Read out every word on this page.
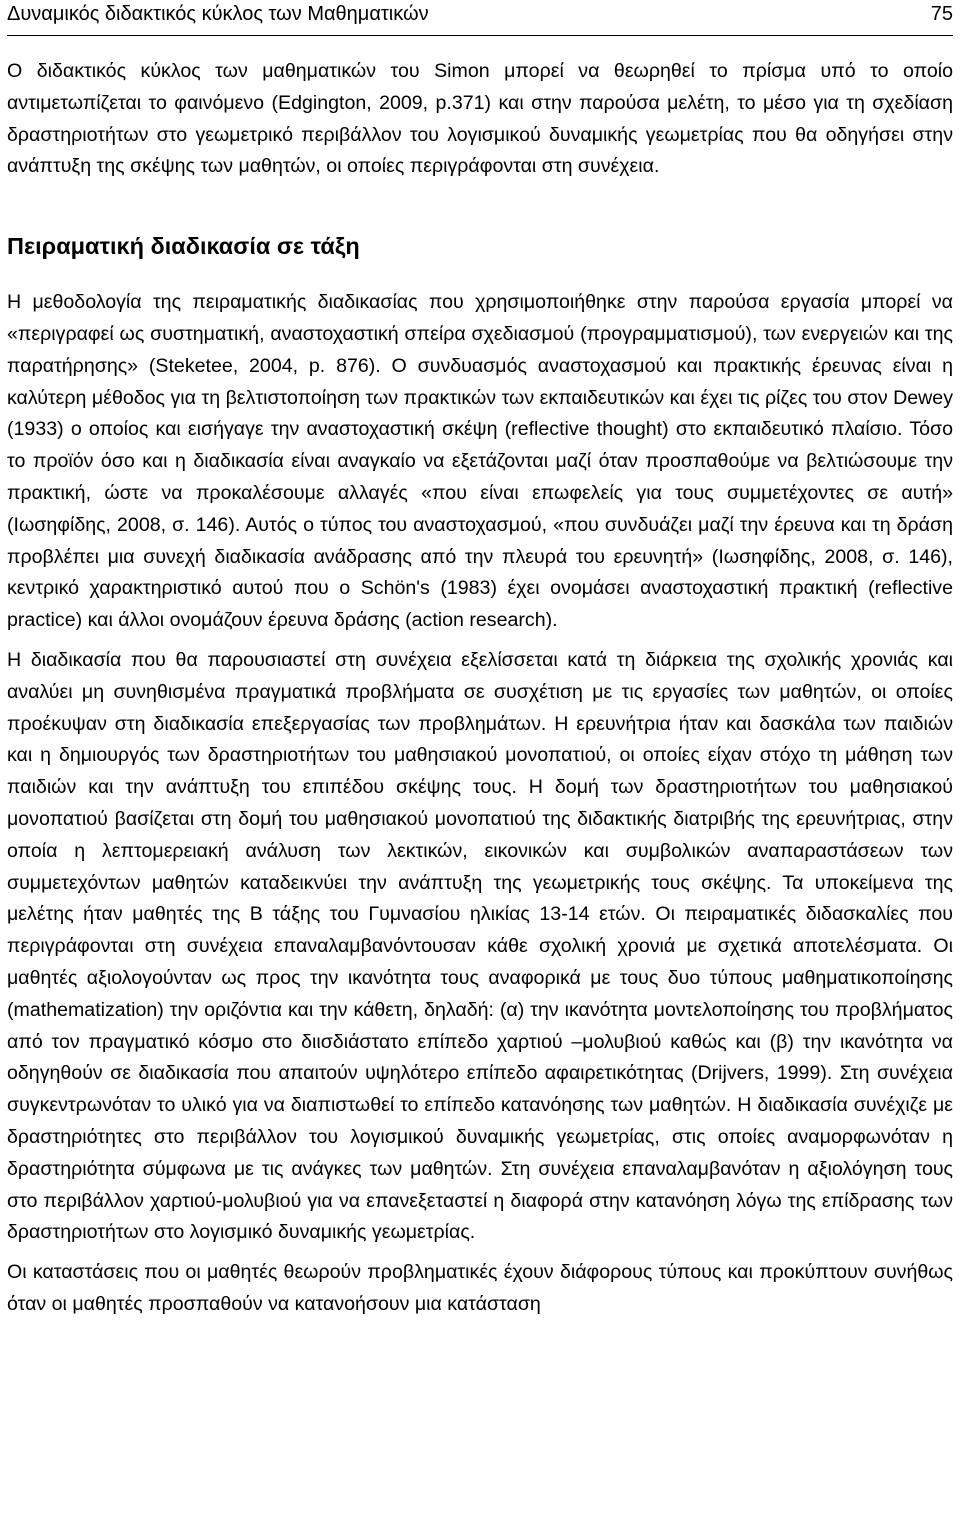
Δυναμικός διδακτικός κύκλος των Μαθηματικών	75

Ο διδακτικός κύκλος των μαθηματικών του Simon μπορεί να θεωρηθεί το πρίσμα υπό το οποίο αντιμετωπίζεται το φαινόμενο (Edgington, 2009, p.371) και στην παρούσα μελέτη, το μέσο για τη σχεδίαση δραστηριοτήτων στο γεωμετρικό περιβάλλον του λογισμικού δυναμικής γεωμετρίας που θα οδηγήσει στην ανάπτυξη της σκέψης των μαθητών, οι οποίες περιγράφονται στη συνέχεια.

Πειραματική διαδικασία σε τάξη

Η μεθοδολογία της πειραματικής διαδικασίας που χρησιμοποιήθηκε στην παρούσα εργασία μπορεί να «περιγραφεί ως συστηματική, αναστοχαστική σπείρα σχεδιασμού (προγραμματισμού), των ενεργειών και της παρατήρησης» (Steketee, 2004, p. 876). Ο συνδυασμός αναστοχασμού και πρακτικής έρευνας είναι η καλύτερη μέθοδος για τη βελτιστοποίηση των πρακτικών των εκπαιδευτικών και έχει τις ρίζες του στον Dewey (1933) ο οποίος και εισήγαγε την αναστοχαστική σκέψη (reflective thought) στο εκπαιδευτικό πλαίσιο. Τόσο το προϊόν όσο και η διαδικασία είναι αναγκαίο να εξετάζονται μαζί όταν προσπαθούμε να βελτιώσουμε την πρακτική, ώστε να προκαλέσουμε αλλαγές «που είναι επωφελείς για τους συμμετέχοντες σε αυτή» (Ιωσηφίδης, 2008, σ. 146). Αυτός ο τύπος του αναστοχασμού, «που συνδυάζει μαζί την έρευνα και τη δράση προβλέπει μια συνεχή διαδικασία ανάδρασης από την πλευρά του ερευνητή» (Ιωσηφίδης, 2008, σ. 146), κεντρικό χαρακτηριστικό αυτού που ο Schön's (1983) έχει ονομάσει αναστοχαστική πρακτική (reflective practice) και άλλοι ονομάζουν έρευνα δράσης (action research).

Η διαδικασία που θα παρουσιαστεί στη συνέχεια εξελίσσεται κατά τη διάρκεια της σχολικής χρονιάς και αναλύει μη συνηθισμένα πραγματικά προβλήματα σε συσχέτιση με τις εργασίες των μαθητών, οι οποίες προέκυψαν στη διαδικασία επεξεργασίας των προβλημάτων. Η ερευνήτρια ήταν και δασκάλα των παιδιών και η δημιουργός των δραστηριοτήτων του μαθησιακού μονοπατιού, οι οποίες είχαν στόχο τη μάθηση των παιδιών και την ανάπτυξη του επιπέδου σκέψης τους. Η δομή των δραστηριοτήτων του μαθησιακού μονοπατιού βασίζεται στη δομή του μαθησιακού μονοπατιού της διδακτικής διατριβής της ερευνήτριας, στην οποία η λεπτομερειακή ανάλυση των λεκτικών, εικονικών και συμβολικών αναπαραστάσεων των συμμετεχόντων μαθητών καταδεικνύει την ανάπτυξη της γεωμετρικής τους σκέψης. Τα υποκείμενα της μελέτης ήταν μαθητές της Β τάξης του Γυμνασίου ηλικίας 13-14 ετών. Οι πειραματικές διδασκαλίες που περιγράφονται στη συνέχεια επαναλαμβανόντουσαν κάθε σχολική χρονιά με σχετικά αποτελέσματα. Οι μαθητές αξιολογούνταν ως προς την ικανότητα τους αναφορικά με τους δυο τύπους μαθηματικοποίησης (mathematization) την οριζόντια και την κάθετη, δηλαδή: (α) την ικανότητα μοντελοποίησης του προβλήματος από τον πραγματικό κόσμο στο διισδιάστατο επίπεδο χαρτιού –μολυβιού καθώς και (β) την ικανότητα να οδηγηθούν σε διαδικασία που απαιτούν υψηλότερο επίπεδο αφαιρετικότητας (Drijvers, 1999). Στη συνέχεια συγκεντρωνόταν το υλικό για να διαπιστωθεί το επίπεδο κατανόησης των μαθητών. Η διαδικασία συνέχιζε με δραστηριότητες στο περιβάλλον του λογισμικού δυναμικής γεωμετρίας, στις οποίες αναμορφωνόταν η δραστηριότητα σύμφωνα με τις ανάγκες των μαθητών. Στη συνέχεια επαναλαμβανόταν η αξιολόγηση τους στο περιβάλλον χαρτιού-μολυβιού για να επανεξεταστεί η διαφορά στην κατανόηση λόγω της επίδρασης των δραστηριοτήτων στο λογισμικό δυναμικής γεωμετρίας.

Οι καταστάσεις που οι μαθητές θεωρούν προβληματικές έχουν διάφορους τύπους και προκύπτουν συνήθως όταν οι μαθητές προσπαθούν να κατανοήσουν μια κατάσταση
